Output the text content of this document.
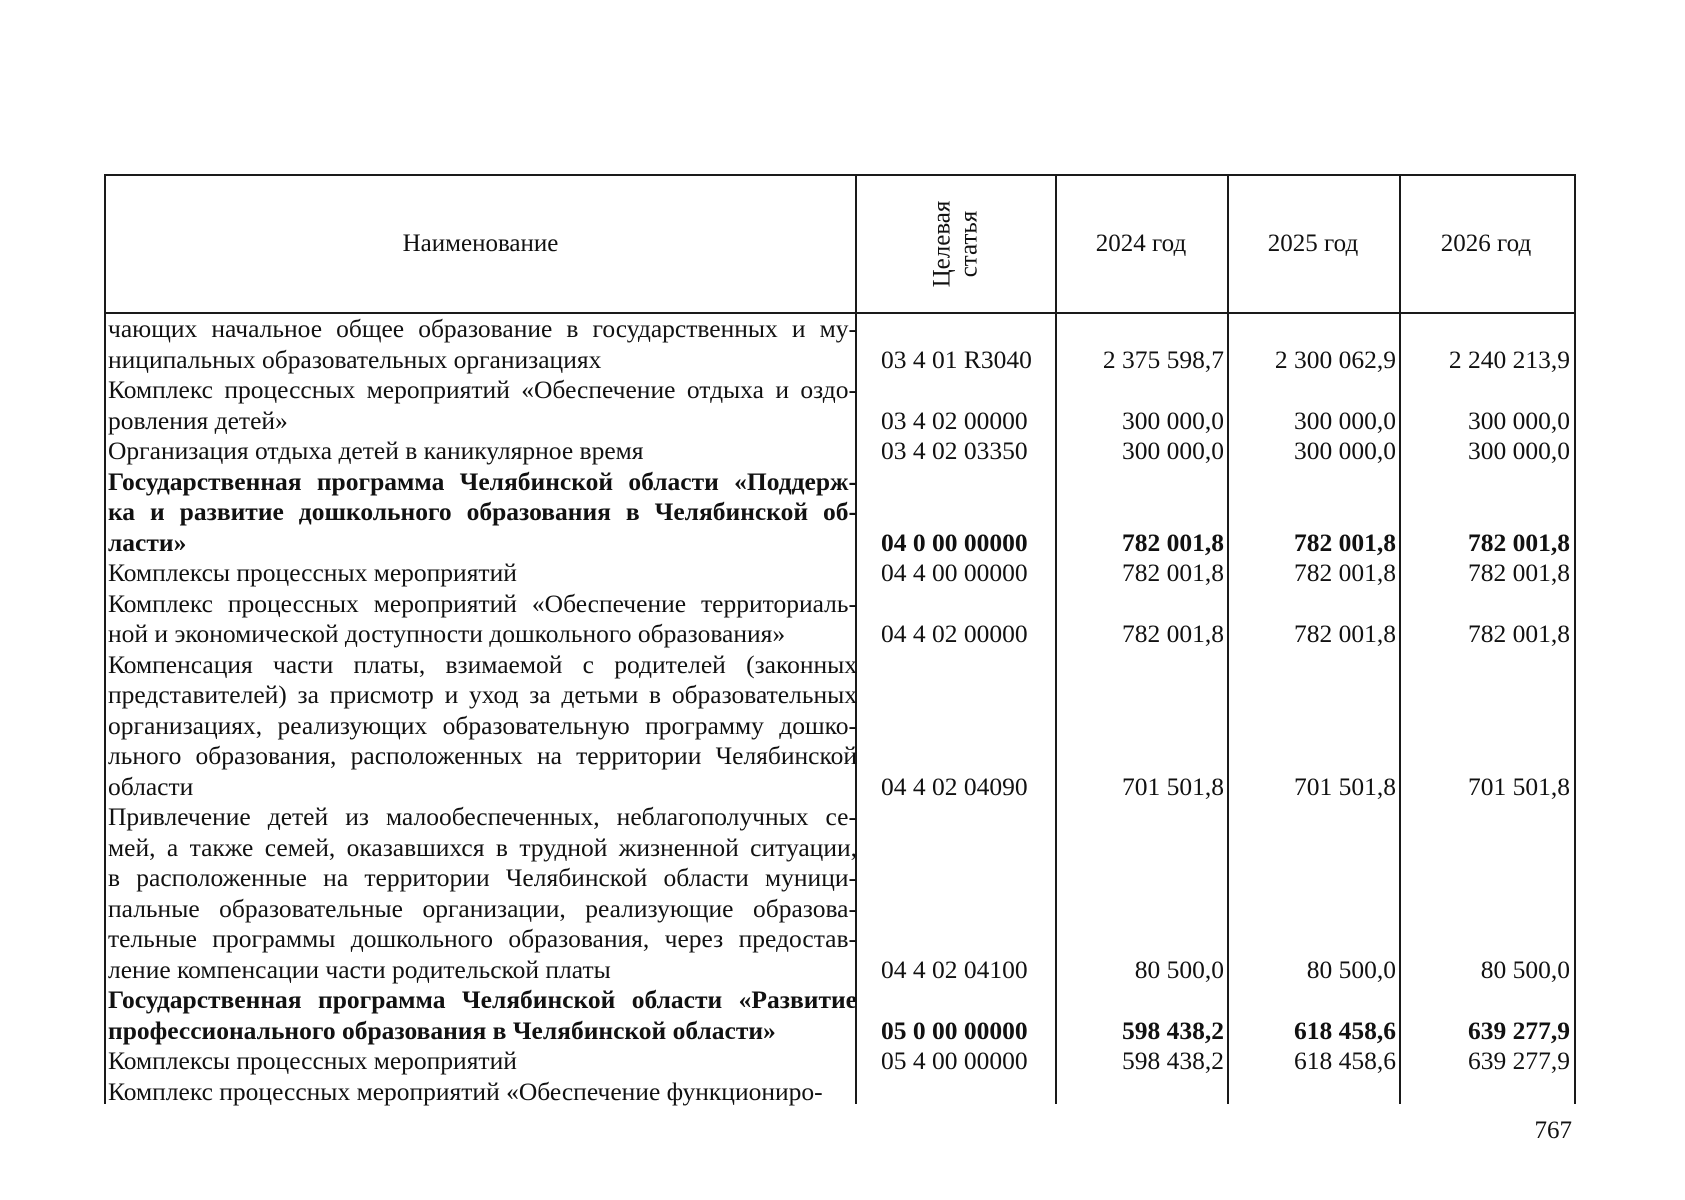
Наименование	Целевая статья	2024 год	2025 год	2026 год
чающих начальное общее образование в государственных и му-
ниципальных образовательных организациях	03 4 01 R3040	2 375 598,7	2 300 062,9	2 240 213,9
Комплекс процессных мероприятий «Обеспечение отдыха и оздо-
ровления детей»	03 4 02 00000	300 000,0	300 000,0	300 000,0
Организация отдыха детей в каникулярное время	03 4 02 03350	300 000,0	300 000,0	300 000,0
Государственная программа Челябинской области «Поддерж-
ка и развитие дошкольного образования в Челябинской об-
ласти»	04 0 00 00000	782 001,8	782 001,8	782 001,8
Комплексы процессных мероприятий	04 4 00 00000	782 001,8	782 001,8	782 001,8
Комплекс процессных мероприятий «Обеспечение территориаль-
ной и экономической доступности дошкольного образования»	04 4 02 00000	782 001,8	782 001,8	782 001,8
Компенсация части платы, взимаемой с родителей (законных
представителей) за присмотр и уход за детьми в образовательных
организациях, реализующих образовательную программу дошко-
льного образования, расположенных на территории Челябинской
области	04 4 02 04090	701 501,8	701 501,8	701 501,8
Привлечение детей из малообеспеченных, неблагополучных се-
мей, а также семей, оказавшихся в трудной жизненной ситуации,
в расположенные на территории Челябинской области муници-
пальные образовательные организации, реализующие образова-
тельные программы дошкольного образования, через предостав-
ление компенсации части родительской платы	04 4 02 04100	80 500,0	80 500,0	80 500,0
Государственная программа Челябинской области «Развитие
профессионального образования в Челябинской области»	05 0 00 00000	598 438,2	618 458,6	639 277,9
Комплексы процессных мероприятий	05 4 00 00000	598 438,2	618 458,6	639 277,9
Комплекс процессных мероприятий «Обеспечение функциониро-
767
